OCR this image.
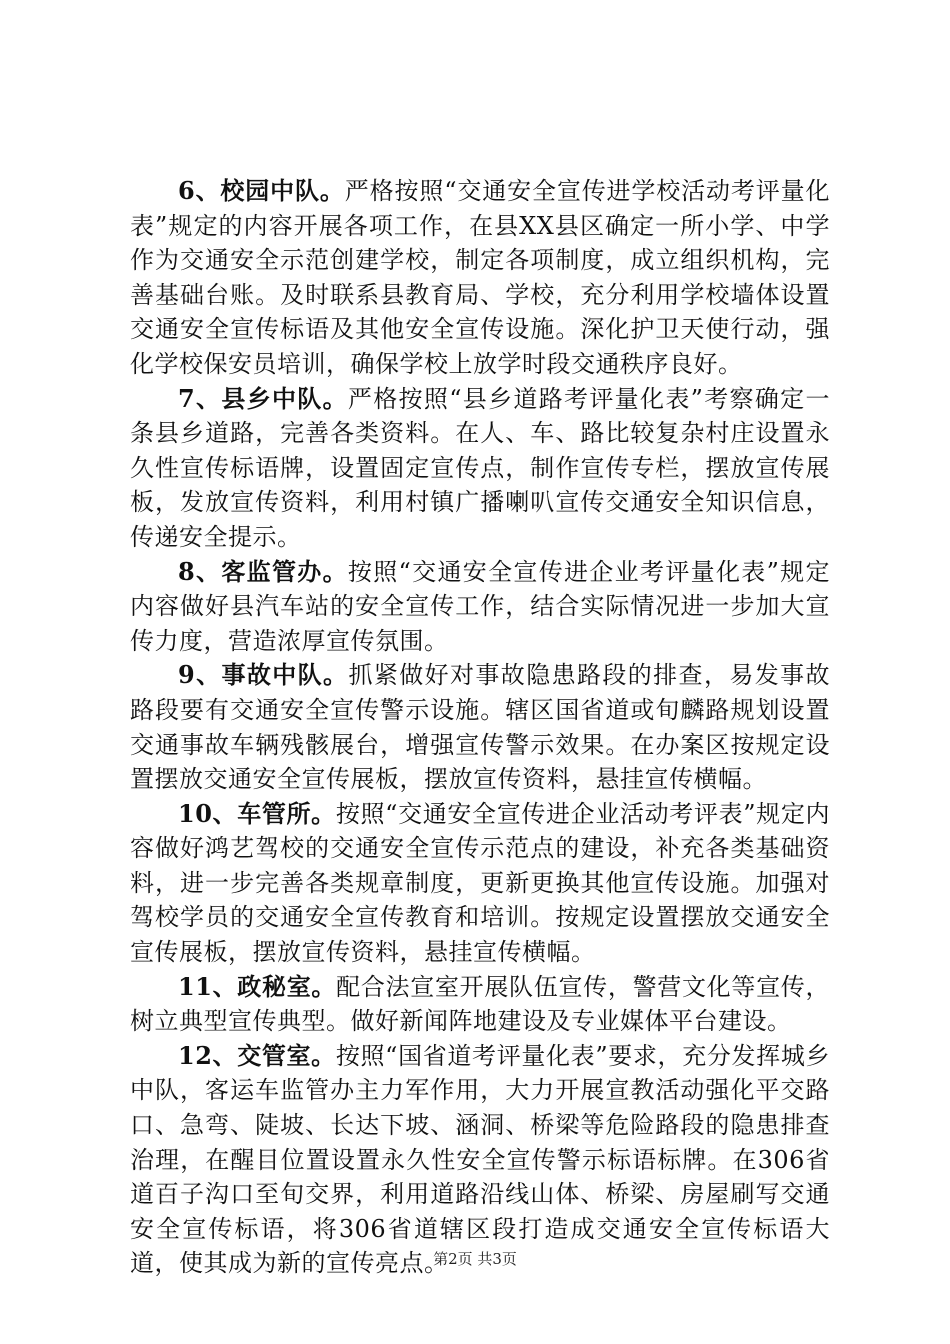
6、校园中队。严格按照“交通安全宣传进学校活动考评量化表”规定的内容开展各项工作，在县XX县区确定一所小学、中学作为交通安全示范创建学校，制定各项制度，成立组织机构，完善基础台账。及时联系县教育局、学校，充分利用学校墙体设置交通安全宣传标语及其他安全宣传设施。深化护卫天使行动，强化学校保安员培训，确保学校上放学时段交通秩序良好。

7、县乡中队。严格按照“县乡道路考评量化表”考察确定一条县乡道路，完善各类资料。在人、车、路比较复杂村庄设置永久性宣传标语牌，设置固定宣传点，制作宣传专栏，摆放宣传展板，发放宣传资料，利用村镇广播喇叭宣传交通安全知识信息，传递安全提示。

8、客监管办。按照“交通安全宣传进企业考评量化表”规定内容做好县汽车站的安全宣传工作，结合实际情况进一步加大宣传力度，营造浓厚宣传氛围。

9、事故中队。抓紧做好对事故隐患路段的排查，易发事故路段要有交通安全宣传警示设施。辖区国省道或旬麟路规划设置交通事故车辆残骸展台，增强宣传警示效果。在办案区按规定设置摆放交通安全宣传展板，摆放宣传资料，悬挂宣传横幅。

10、车管所。按照“交通安全宣传进企业活动考评表”规定内容做好鸿艺驾校的交通安全宣传示范点的建设，补充各类基础资料，进一步完善各类规章制度，更新更换其他宣传设施。加强对驾校学员的交通安全宣传教育和培训。按规定设置摆放交通安全宣传展板，摆放宣传资料，悬挂宣传横幅。

11、政秘室。配合法宣室开展队伍宣传，警营文化等宣传，树立典型宣传典型。做好新闻阵地建设及专业媒体平台建设。

12、交管室。按照“国省道考评量化表”要求，充分发挥城乡中队，客运车监管办主力军作用，大力开展宣教活动强化平交路口、急弯、陡坡、长达下坡、涵洞、桥梁等危险路段的隐患排查治理，在醒目位置设置永久性安全宣传警示标语标牌。在306省道百子沟口至旬交界，利用道路沿线山体、桥梁、房屋刷写交通安全宣传标语，将306省道辖区段打造成交通安全宣传标语大道，使其成为新的宣传亮点。

第2页 共3页
